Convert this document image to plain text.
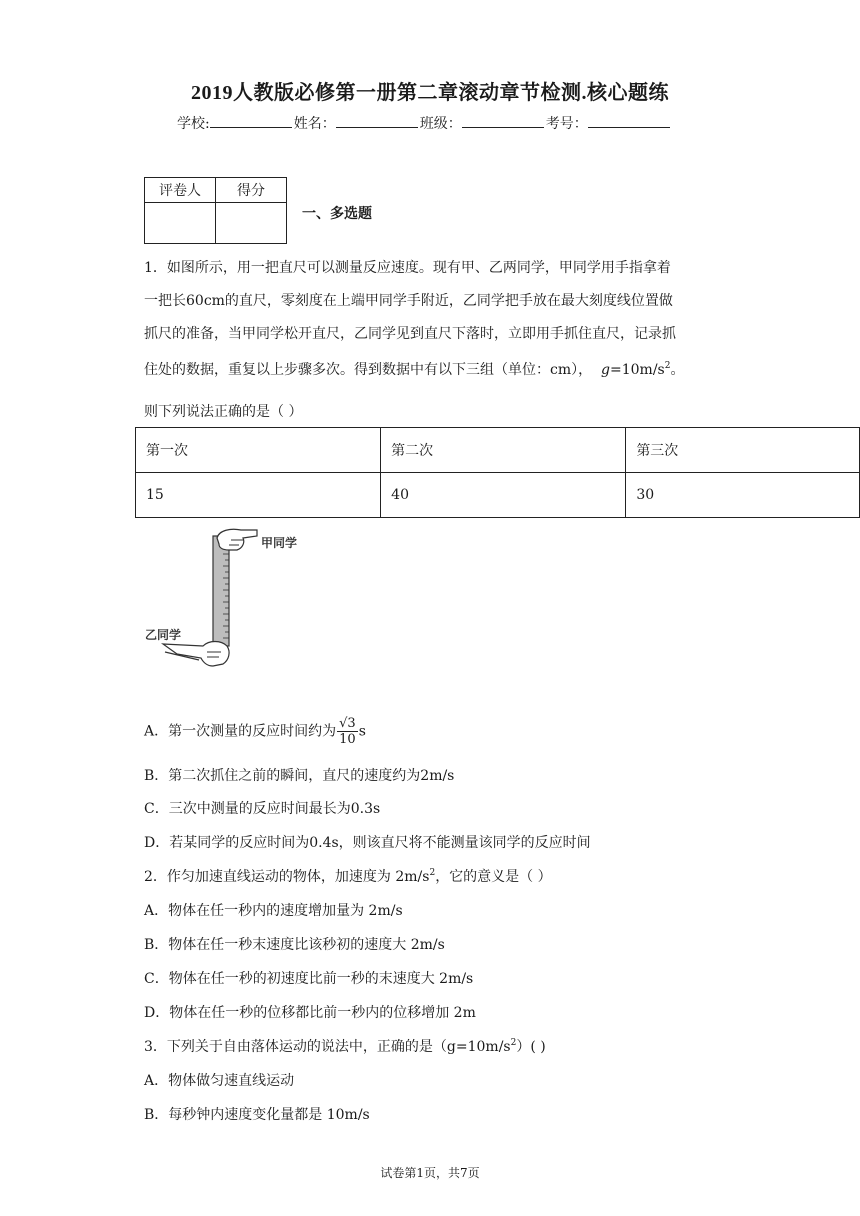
2019人教版必修第一册第二章滚动章节检测.核心题练
学校:	姓名：	班级：	考号：
评卷人	得分

一、多选题
1．如图所示，用一把直尺可以测量反应速度。现有甲、乙两同学，甲同学用手指拿着
一把长60cm的直尺，零刻度在上端甲同学手附近，乙同学把手放在最大刻度线位置做
抓尺的准备，当甲同学松开直尺，乙同学见到直尺下落时，立即用手抓住直尺，记录抓
住处的数据，重复以上步骤多次。得到数据中有以下三组（单位：cm）， $g=10m/s^2$。
则下列说法正确的是（ ）
第一次	第二次	第三次
15	40	30
甲同学
乙同学
A．第一次测量的反应时间约为 $\frac{√3}{10}$ s
B．第二次抓住之前的瞬间，直尺的速度约为2m/s
C．三次中测量的反应时间最长为0.3s
D．若某同学的反应时间为0.4s，则该直尺将不能测量该同学的反应时间
2．作匀加速直线运动的物体，加速度为 $2m/s^2$，它的意义是（ ）
A．物体在任一秒内的速度增加量为 2m/s
B．物体在任一秒末速度比该秒初的速度大 2m/s
C．物体在任一秒的初速度比前一秒的末速度大 2m/s
D．物体在任一秒的位移都比前一秒内的位移增加 2m
3．下列关于自由落体运动的说法中，正确的是$(g=10m/s^2)$( )
A．物体做匀速直线运动
B．每秒钟内速度变化量都是 10m/s
试卷第1页，共7页
